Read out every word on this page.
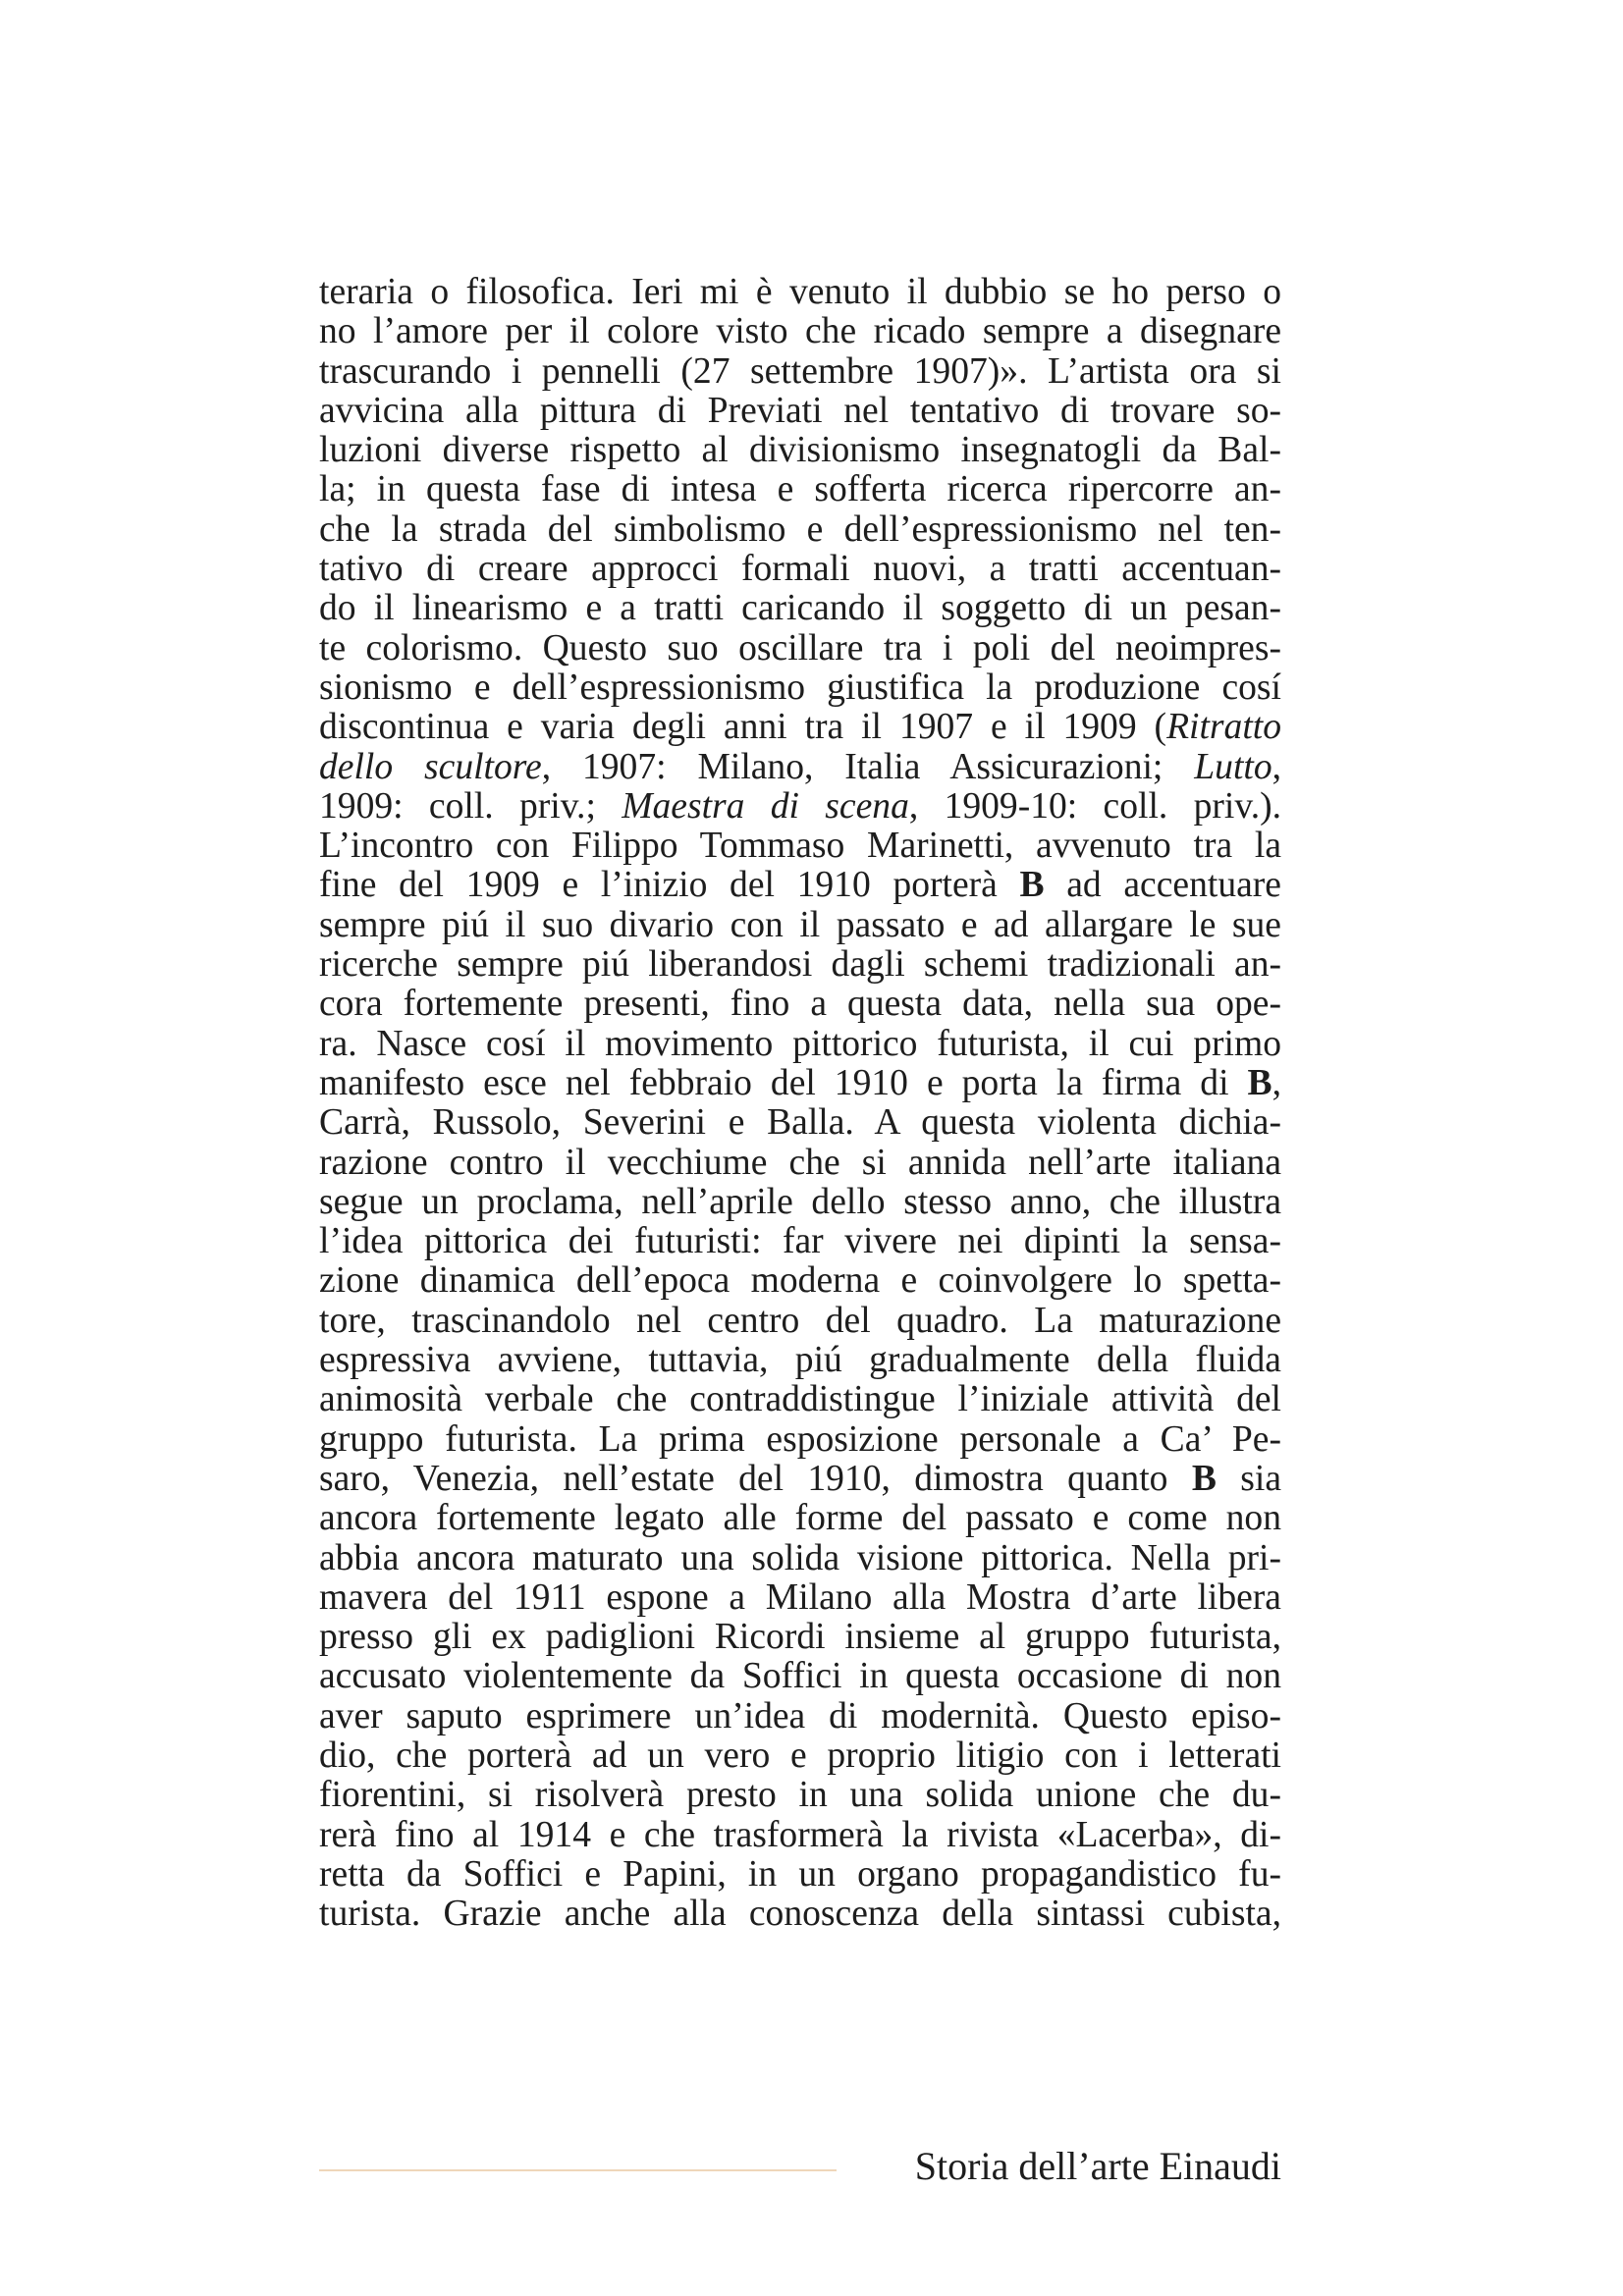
teraria o filosofica. Ieri mi è venuto il dubbio se ho perso o
no l’amore per il colore visto che ricado sempre a disegnare
trascurando i pennelli (27 settembre 1907)». L’artista ora si
avvicina alla pittura di Previati nel tentativo di trovare so-
luzioni diverse rispetto al divisionismo insegnatogli da Bal-
la; in questa fase di intesa e sofferta ricerca ripercorre an-
che la strada del simbolismo e dell’espressionismo nel ten-
tativo di creare approcci formali nuovi, a tratti accentuan-
do il linearismo e a tratti caricando il soggetto di un pesan-
te colorismo. Questo suo oscillare tra i poli del neoimpres-
sionismo e dell’espressionismo giustifica la produzione cosí
discontinua e varia degli anni tra il 1907 e il 1909 (Ritratto
dello scultore, 1907: Milano, Italia Assicurazioni; Lutto,
1909: coll. priv.; Maestra di scena, 1909-10: coll. priv.).
L’incontro con Filippo Tommaso Marinetti, avvenuto tra la
fine del 1909 e l’inizio del 1910 porterà B ad accentuare
sempre piú il suo divario con il passato e ad allargare le sue
ricerche sempre piú liberandosi dagli schemi tradizionali an-
cora fortemente presenti, fino a questa data, nella sua ope-
ra. Nasce cosí il movimento pittorico futurista, il cui primo
manifesto esce nel febbraio del 1910 e porta la firma di B,
Carrà, Russolo, Severini e Balla. A questa violenta dichia-
razione contro il vecchiume che si annida nell’arte italiana
segue un proclama, nell’aprile dello stesso anno, che illustra
l’idea pittorica dei futuristi: far vivere nei dipinti la sensa-
zione dinamica dell’epoca moderna e coinvolgere lo spetta-
tore, trascinandolo nel centro del quadro. La maturazione
espressiva avviene, tuttavia, piú gradualmente della fluida
animosità verbale che contraddistingue l’iniziale attività del
gruppo futurista. La prima esposizione personale a Ca’ Pe-
saro, Venezia, nell’estate del 1910, dimostra quanto B sia
ancora fortemente legato alle forme del passato e come non
abbia ancora maturato una solida visione pittorica. Nella pri-
mavera del 1911 espone a Milano alla Mostra d’arte libera
presso gli ex padiglioni Ricordi insieme al gruppo futurista,
accusato violentemente da Soffici in questa occasione di non
aver saputo esprimere un’idea di modernità. Questo episo-
dio, che porterà ad un vero e proprio litigio con i letterati
fiorentini, si risolverà presto in una solida unione che du-
rerà fino al 1914 e che trasformerà la rivista «Lacerba», di-
retta da Soffici e Papini, in un organo propagandistico fu-
turista. Grazie anche alla conoscenza della sintassi cubista,
Storia dell’arte Einaudi
